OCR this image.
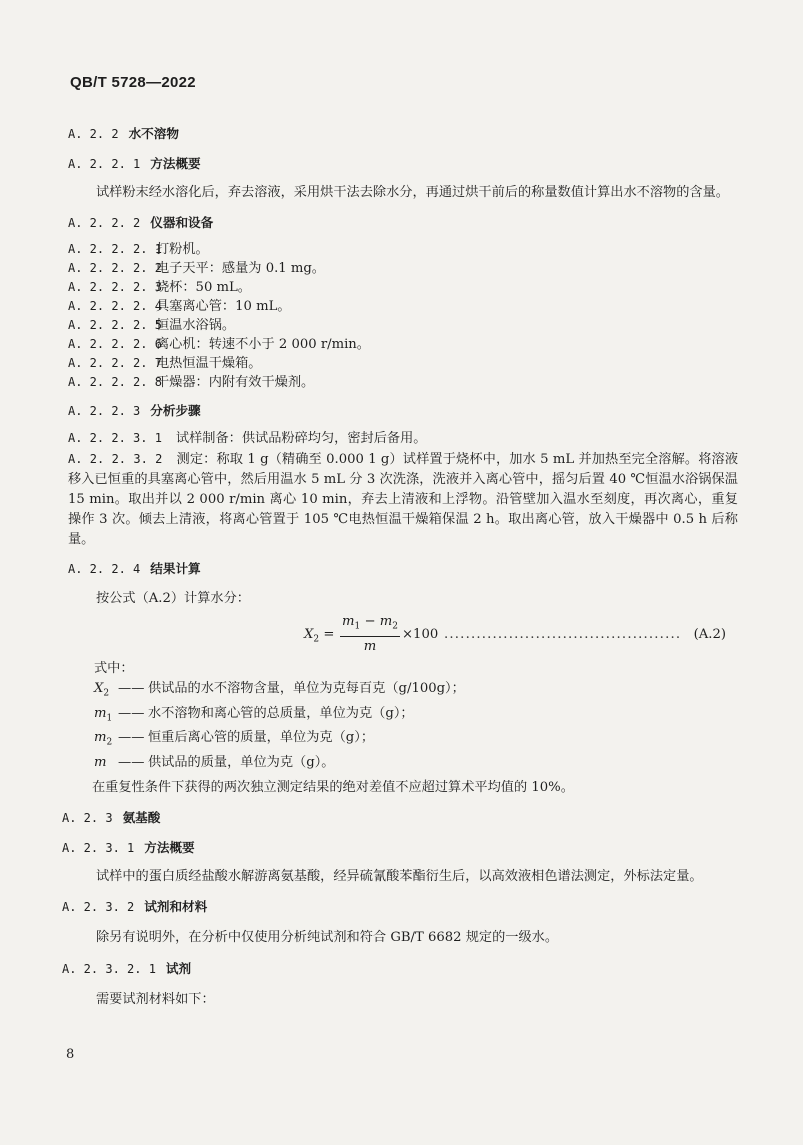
QB/T 5728—2022
A. 2. 2 水不溶物
A. 2. 2. 1 方法概要

试样粉末经水溶化后，弃去溶液，采用烘干法去除水分，再通过烘干前后的称量数值计算出水不溶物的含量。

A. 2. 2. 2 仪器和设备
A. 2. 2. 2. 1
打粉机。
A. 2. 2. 2. 2
电子天平：感量为 0.1 mg。
A. 2. 2. 2. 3
烧杯：50 mL。
A. 2. 2. 2. 4
具塞离心管：10 mL。
A. 2. 2. 2. 5
恒温水浴锅。
A. 2. 2. 2. 6
离心机：转速不小于 2 000 r/min。
A. 2. 2. 2. 7
电热恒温干燥箱。
A. 2. 2. 2. 8
干燥器：内附有效干燥剂。
A. 2. 2. 3 分析步骤

A. 2. 2. 3. 1 试样制备：供试品粉碎均匀，密封后备用。

A. 2. 2. 3. 2 测定：称取 1 g（精确至 0.000 1 g）试样置于烧杯中，加水 5 mL 并加热至完全溶解。将溶液移入已恒重的具塞离心管中，然后用温水 5 mL 分 3 次洗涤，洗液并入离心管中，摇匀后置 40 ℃恒温水浴锅保温 15 min。取出并以 2 000 r/min 离心 10 min，弃去上清液和上浮物。沿管壁加入温水至刻度，再次离心，重复操作 3 次。倾去上清液，将离心管置于 105 ℃电热恒温干燥箱保温 2 h。取出离心管，放入干燥器中 0.5 h 后称量。

A. 2. 2. 4 结果计算

按公式（A.2）计算水分：

$X_2 = \frac{m_1 - m_2}{m} \times 100$ ............................................ (A.2)

式中：

$X_2$ —— 供试品的水不溶物含量，单位为克每百克（g/100g）；
$m_1$ —— 水不溶物和离心管的总质量，单位为克（g）；
$m_2$ —— 恒重后离心管的质量，单位为克（g）；
m —— 供试品的质量，单位为克（g）。

在重复性条件下获得的两次独立测定结果的绝对差值不应超过算术平均值的 10%。

A. 2. 3 氨基酸
A. 2. 3. 1 方法概要

试样中的蛋白质经盐酸水解游离氨基酸，经异硫氰酸苯酯衍生后，以高效液相色谱法测定，外标法定量。

A. 2. 3. 2 试剂和材料

除另有说明外，在分析中仅使用分析纯试剂和符合 GB/T 6682 规定的一级水。

A. 2. 3. 2. 1 试剂

需要试剂材料如下：

8
